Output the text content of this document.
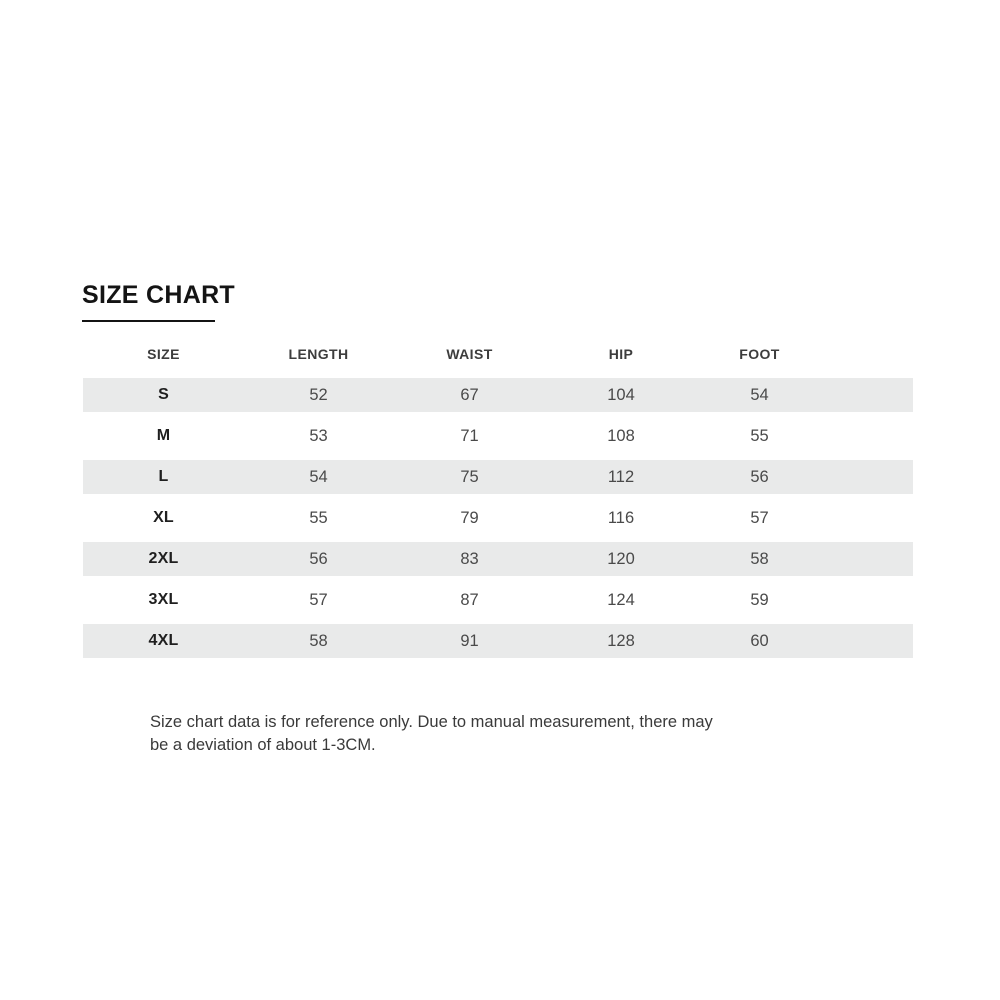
SIZE CHART
SIZE	LENGTH	WAIST	HIP	FOOT
S	52	67	104	54
M	53	71	108	55
L	54	75	112	56
XL	55	79	116	57
2XL	56	83	120	58
3XL	57	87	124	59
4XL	58	91	128	60

Size chart data is for reference only. Due to manual measurement, there may
be a deviation of about 1-3CM.
